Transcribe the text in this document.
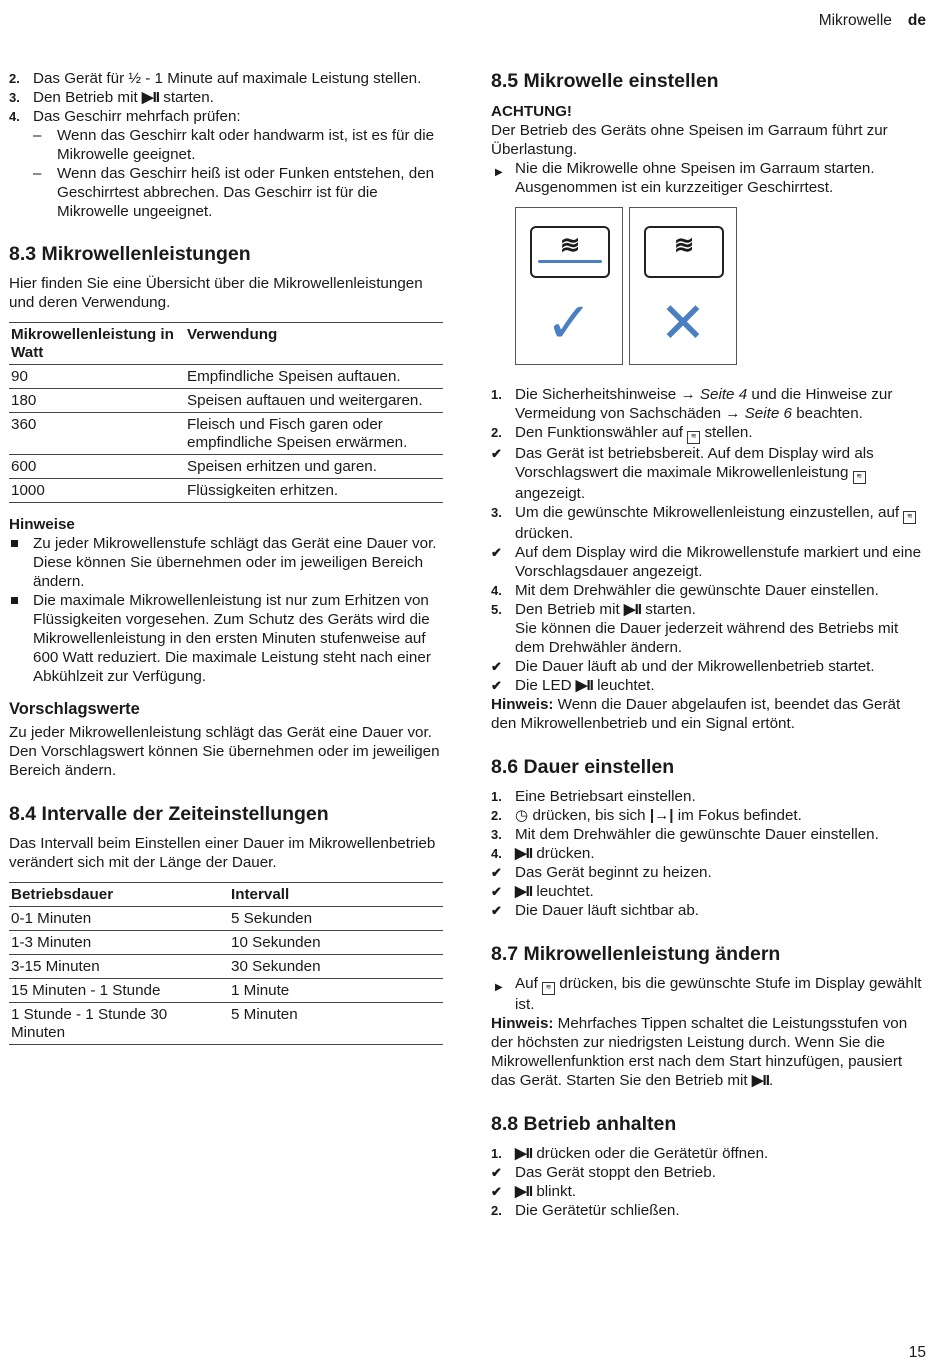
Mikrowelle de
2. Das Gerät für ½ - 1 Minute auf maximale Leistung stellen.
3. Den Betrieb mit ▶II starten.
4. Das Geschirr mehrfach prüfen:
– Wenn das Geschirr kalt oder handwarm ist, ist es für die Mikrowelle geeignet.
– Wenn das Geschirr heiß ist oder Funken entstehen, den Geschirrtest abbrechen. Das Geschirr ist für die Mikrowelle ungeeignet.
8.3 Mikrowellenleistungen

Hier finden Sie eine Übersicht über die Mikrowellenleistungen und deren Verwendung.

Mikrowellenleistung in Watt	Verwendung
90	Empfindliche Speisen auftauen.
180	Speisen auftauen und weitergaren.
360	Fleisch und Fisch garen oder empfindliche Speisen erwärmen.
600	Speisen erhitzen und garen.
1000	Flüssigkeiten erhitzen.
Hinweise
Zu jeder Mikrowellenstufe schlägt das Gerät eine Dauer vor. Diese können Sie übernehmen oder im jeweiligen Bereich ändern.
Die maximale Mikrowellenleistung ist nur zum Erhitzen von Flüssigkeiten vorgesehen. Zum Schutz des Geräts wird die Mikrowellenleistung in den ersten Minuten stufenweise auf 600 Watt reduziert. Die maximale Leistung steht nach einer Abkühlzeit zur Verfügung.
Vorschlagswerte

Zu jeder Mikrowellenleistung schlägt das Gerät eine Dauer vor. Den Vorschlagswert können Sie übernehmen oder im jeweiligen Bereich ändern.

8.4 Intervalle der Zeiteinstellungen

Das Intervall beim Einstellen einer Dauer im Mikrowellenbetrieb verändert sich mit der Länge der Dauer.

Betriebsdauer	Intervall
0-1 Minuten	5 Sekunden
1-3 Minuten	10 Sekunden
3-15 Minuten	30 Sekunden
15 Minuten - 1 Stunde	1 Minute
1 Stunde - 1 Stunde 30 Minuten	5 Minuten
8.5 Mikrowelle einstellen
ACHTUNG!
Der Betrieb des Geräts ohne Speisen im Garraum führt zur Überlastung.
▶ Nie die Mikrowelle ohne Speisen im Garraum starten. Ausgenommen ist ein kurzzeitiger Geschirrtest.
≋
✓
≋
✕
1. Die Sicherheitshinweise → Seite 4 und die Hinweise zur Vermeidung von Sachschäden → Seite 6 beachten.
2. Den Funktionswähler auf ≋ stellen.
✔ Das Gerät ist betriebsbereit. Auf dem Display wird als Vorschlagswert die maximale Mikrowellenleistung ≋ angezeigt.
3. Um die gewünschte Mikrowellenleistung einzustellen, auf ≋ drücken.
✔ Auf dem Display wird die Mikrowellenstufe markiert und eine Vorschlagsdauer angezeigt.
4. Mit dem Drehwähler die gewünschte Dauer einstellen.
5. Den Betrieb mit ▶II starten.
Sie können die Dauer jederzeit während des Betriebs mit dem Drehwähler ändern.
✔ Die Dauer läuft ab und der Mikrowellenbetrieb startet.
✔ Die LED ▶II leuchtet.
Hinweis: Wenn die Dauer abgelaufen ist, beendet das Gerät den Mikrowellenbetrieb und ein Signal ertönt.
8.6 Dauer einstellen
1. Eine Betriebsart einstellen.
2. ◷ drücken, bis sich |→| im Fokus befindet.
3. Mit dem Drehwähler die gewünschte Dauer einstellen.
4. ▶II drücken.
✔ Das Gerät beginnt zu heizen.
✔ ▶II leuchtet.
✔ Die Dauer läuft sichtbar ab.
8.7 Mikrowellenleistung ändern
▶ Auf ≋ drücken, bis die gewünschte Stufe im Display gewählt ist.
Hinweis: Mehrfaches Tippen schaltet die Leistungsstufen von der höchsten zur niedrigsten Leistung durch. Wenn Sie die Mikrowellenfunktion erst nach dem Start hinzufügen, pausiert das Gerät. Starten Sie den Betrieb mit ▶II.
8.8 Betrieb anhalten
1. ▶II drücken oder die Gerätetür öffnen.
✔ Das Gerät stoppt den Betrieb.
✔ ▶II blinkt.
2. Die Gerätetür schließen.
15
